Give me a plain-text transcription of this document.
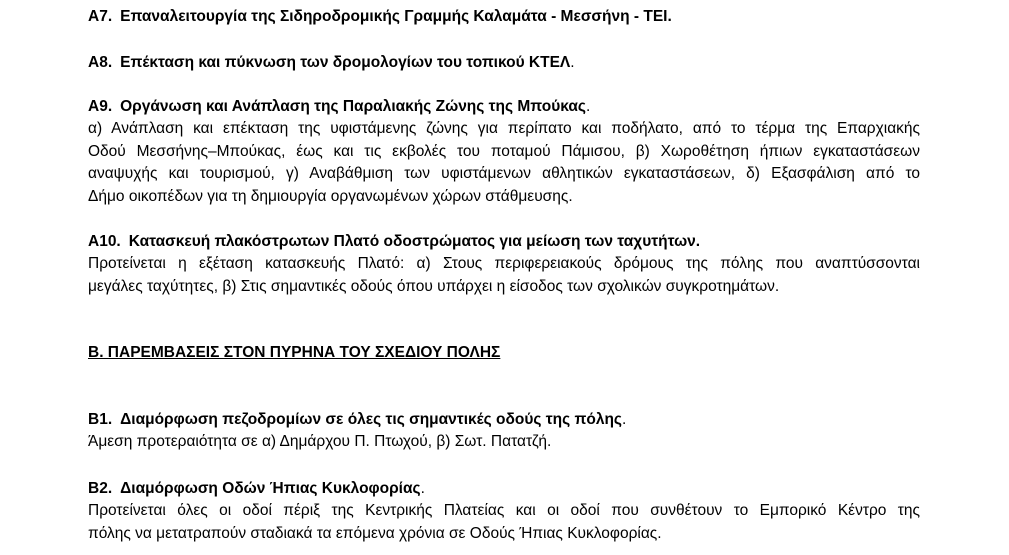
A7. Επαναλειτουργία της Σιδηροδρομικής Γραμμής Καλαμάτα - Μεσσήνη - ΤΕΙ.
A8. Επέκταση και πύκνωση των δρομολογίων του τοπικού ΚΤΕΛ.
A9. Οργάνωση και Ανάπλαση της Παραλιακής Ζώνης της Μπούκας.
α) Ανάπλαση και επέκταση της υφιστάμενης ζώνης για περίπατο και ποδήλατο, από το τέρμα της Επαρχιακής
Οδού Μεσσήνης–Μπούκας, έως και τις εκβολές του ποταμού Πάμισου, β) Χωροθέτηση ήπιων εγκαταστάσεων
αναψυχής και τουρισμού, γ) Αναβάθμιση των υφιστάμενων αθλητικών εγκαταστάσεων, δ) Εξασφάλιση από το
Δήμο οικοπέδων για τη δημιουργία οργανωμένων χώρων στάθμευσης.
A10. Κατασκευή πλακόστρωτων Πλατό οδοστρώματος για μείωση των ταχυτήτων.
Προτείνεται η εξέταση κατασκευής Πλατό: α) Στους περιφερειακούς δρόμους της πόλης που αναπτύσσονται
μεγάλες ταχύτητες, β) Στις σημαντικές οδούς όπου υπάρχει η είσοδος των σχολικών συγκροτημάτων.
Β. ΠΑΡΕΜΒΑΣΕΙΣ ΣΤΟΝ ΠΥΡΗΝΑ ΤΟΥ ΣΧΕΔΙΟΥ ΠΟΛΗΣ
Β1. Διαμόρφωση πεζοδρομίων σε όλες τις σημαντικές οδούς της πόλης.
Άμεση προτεραιότητα σε α) Δημάρχου Π. Πτωχού, β) Σωτ. Πατατζή.
Β2. Διαμόρφωση Οδών Ήπιας Κυκλοφορίας.
Προτείνεται όλες οι οδοί πέριξ της Κεντρικής Πλατείας και οι οδοί που συνθέτουν το Εμπορικό Κέντρο της
πόλης να μετατραπούν σταδιακά τα επόμενα χρόνια σε Οδούς Ήπιας Κυκλοφορίας.
